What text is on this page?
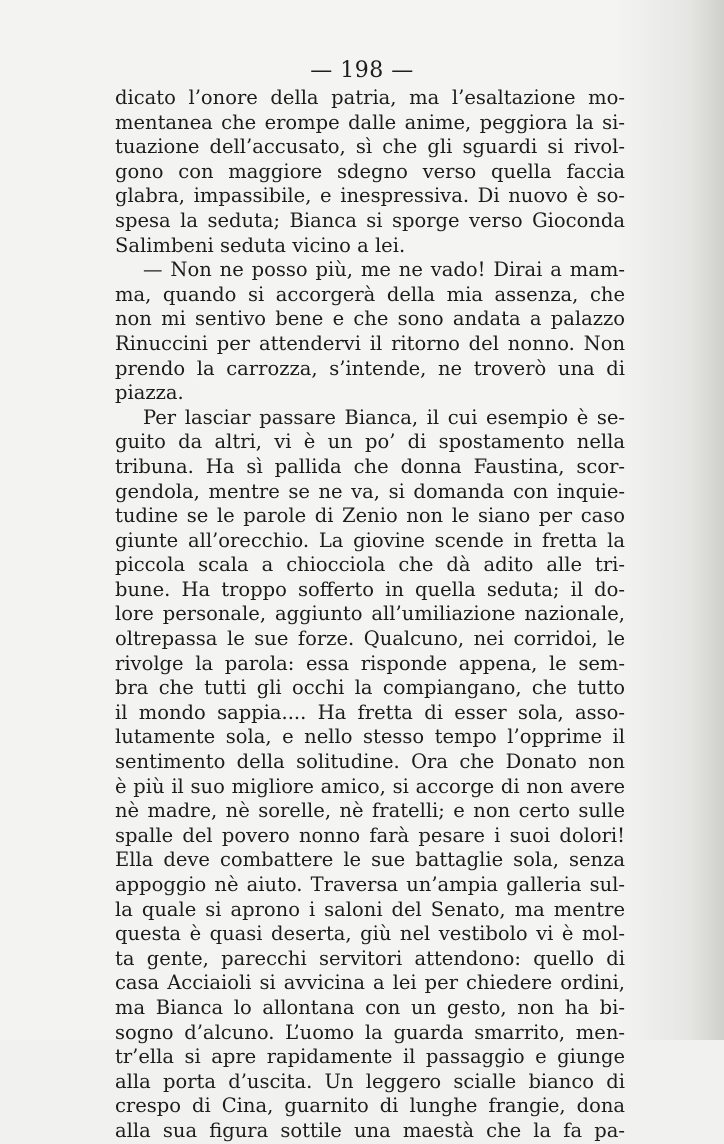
— 198 —
dicato l’onore della patria, ma l’esaltazione mo-
mentanea che erompe dalle anime, peggiora la si-
tuazione dell’accusato, sì che gli sguardi si rivol-
gono con maggiore sdegno verso quella faccia
glabra, impassibile, e inespressiva. Di nuovo è so-
spesa la seduta; Bianca si sporge verso Gioconda
Salimbeni seduta vicino a lei.
— Non ne posso più, me ne vado! Dirai a mam-
ma, quando si accorgerà della mia assenza, che
non mi sentivo bene e che sono andata a palazzo
Rinuccini per attendervi il ritorno del nonno. Non
prendo la carrozza, s’intende, ne troverò una di
piazza.
Per lasciar passare Bianca, il cui esempio è se-
guito da altri, vi è un po’ di spostamento nella
tribuna. Ha sì pallida che donna Faustina, scor-
gendola, mentre se ne va, si domanda con inquie-
tudine se le parole di Zenio non le siano per caso
giunte all’orecchio. La giovine scende in fretta la
piccola scala a chiocciola che dà adito alle tri-
bune. Ha troppo sofferto in quella seduta; il do-
lore personale, aggiunto all’umiliazione nazionale,
oltrepassa le sue forze. Qualcuno, nei corridoi, le
rivolge la parola: essa risponde appena, le sem-
bra che tutti gli occhi la compiangano, che tutto
il mondo sappia.... Ha fretta di esser sola, asso-
lutamente sola, e nello stesso tempo l’opprime il
sentimento della solitudine. Ora che Donato non
è più il suo migliore amico, si accorge di non avere
nè madre, nè sorelle, nè fratelli; e non certo sulle
spalle del povero nonno farà pesare i suoi dolori!
Ella deve combattere le sue battaglie sola, senza
appoggio nè aiuto. Traversa un’ampia galleria sul-
la quale si aprono i saloni del Senato, ma mentre
questa è quasi deserta, giù nel vestibolo vi è mol-
ta gente, parecchi servitori attendono: quello di
casa Acciaioli si avvicina a lei per chiedere ordini,
ma Bianca lo allontana con un gesto, non ha bi-
sogno d’alcuno. L’uomo la guarda smarrito, men-
tr’ella si apre rapidamente il passaggio e giunge
alla porta d’uscita. Un leggero scialle bianco di
crespo di Cina, guarnito di lunghe frangie, dona
alla sua figura sottile una maestà che la fa pa-
